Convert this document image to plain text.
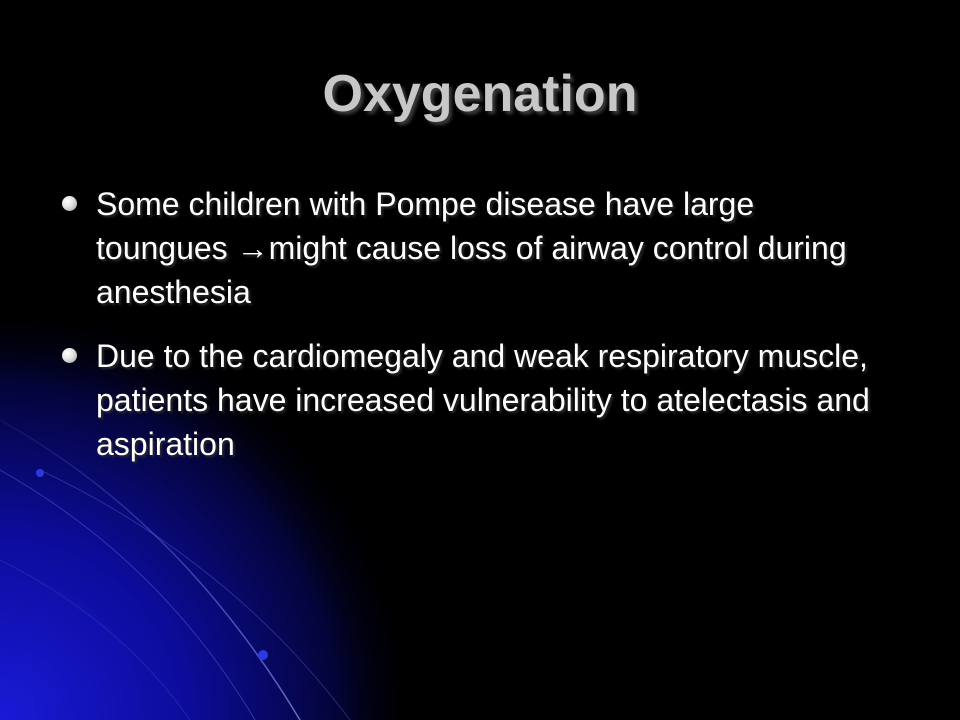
Oxygenation
Some children with Pompe disease have large toungues →might cause loss of airway control during anesthesia
Due to the cardiomegaly and weak respiratory muscle, patients have increased vulnerability to atelectasis and aspiration
